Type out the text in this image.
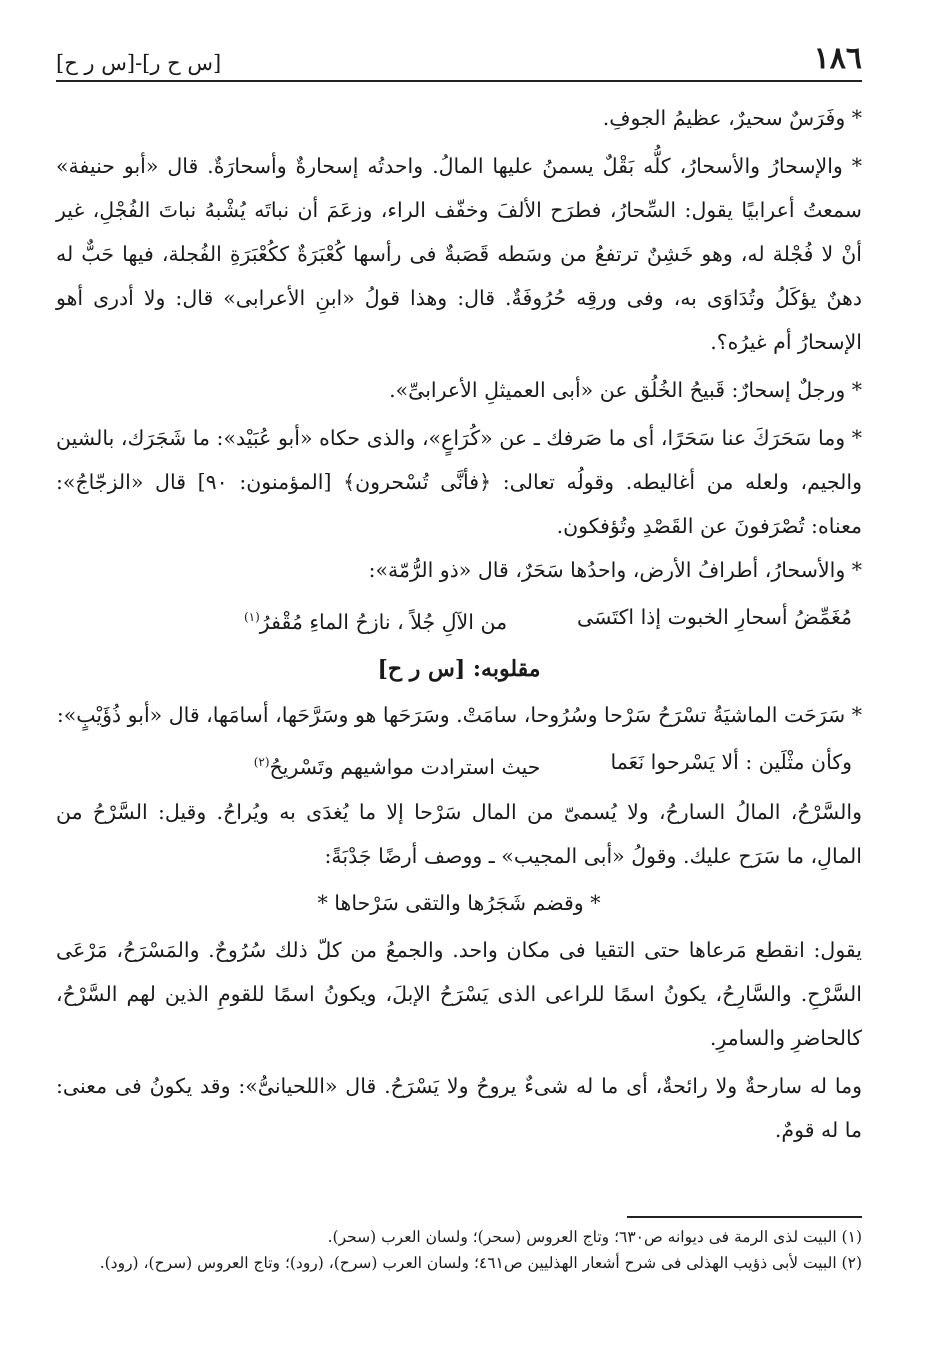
١٨٦
[س ح ر]-[س ر ح]

* وفَرَسٌ سحيرٌ، عظيمُ الجوفِ.

* والإسحارُ والأسحارُ، كلُّه بَقْلٌ يسمنُ عليها المالُ. واحدتُه إسحارةٌ وأسحارَةٌ. قال «أبو حنيفة» سمعتُ أعرابيًا يقول: السِّحارُ، فطرَح الألفَ وخفّف الراء، وزعَمَ أن نباتَه يُشْبهُ نباتَ الفُجْلِ، غير أنْ لا فُجْلة له، وهو خَشِنٌ ترتفعُ من وسَطه قَصَبةٌ فى رأسها كُعْبَرَةٌ ككُعْبَرَةِ الفُجلة، فيها حَبٌّ له دهنٌ يؤكَلُ وتُدَاوَى به، وفى ورقِه حُرُوفَةٌ. قال: وهذا قولُ «ابنِ الأعرابى» قال: ولا أدرى أهو الإسحارُ أم غيرُه؟.

* ورجلٌ إسحارٌ: قَبيحُ الخُلُق عن «أبى العميثلِ الأعرابىِّ».

* وما سَحَرَكَ عنا سَحَرًا، أى ما صَرفك ـ عن «كُرَاعٍ»، والذى حكاه «أبو عُبَيْد»: ما شَجَرَك، بالشين والجيم، ولعله من أغاليطه. وقولُه تعالى: ﴿فأنَّى تُسْحرون﴾ [المؤمنون: ٩٠] قال «الزجّاجُ»: معناه: تُصْرَفونَ عن القَصْدِ وتُؤفكون.

* والأسحارُ، أطرافُ الأرض، واحدُها سَحَرٌ، قال «ذو الرُّمّة»:

مُغَمِّضُ أسحارِ الخبوت إذا اكتَسَى
من الآلِ جُلاً ، نازحُ الماءِ مُقْفرُ$^{(١)}$
مقلوبه: [س ر ح]

* سَرَحَت الماشيَةُ تسْرَحُ سَرْحا وسُرُوحا، سامَتْ. وسَرَحَها هو وسَرَّحَها، أسامَها، قال «أبو ذُؤَيْبٍ»:

وكأن مثْلَين : ألا يَسْرحوا نَعَما
حيث استرادت مواشيهم وتَسْريحُ$^{(٢)}$

والسَّرْحُ، المالُ السارحُ، ولا يُسمىّ من المال سَرْحا إلا ما يُغدَى به ويُراحُ. وقيل: السَّرْحُ من المالِ، ما سَرَح عليك. وقولُ «أبى المجيب» ـ ووصف أرضًا جَدْبَةً:

* وقضم شَجَرُها والتقى سَرْحاها *

يقول: انقطع مَرعاها حتى التقيا فى مكان واحد. والجمعُ من كلّ ذلك سُرُوحٌ. والمَسْرَحُ، مَرْعَى السَّرْحِ. والسَّارِحُ، يكونُ اسمًا للراعى الذى يَسْرَحُ الإبلَ، ويكونُ اسمًا للقومِ الذين لهم السَّرْحُ، كالحاضرِ والسامرِ.

وما له سارحةٌ ولا رائحةٌ، أى ما له شىءٌ يروحُ ولا يَسْرَحُ. قال «اللحيانىُّ»: وقد يكونُ فى معنى: ما له قومٌ.

(١) البيت لذى الرمة فى ديوانه ص٦٣٠؛ وتاج العروس (سحر)؛ ولسان العرب (سحر).

(٢) البيت لأبى ذؤيب الهذلى فى شرح أشعار الهذليين ص٤٦١؛ ولسان العرب (سرح)، (رود)؛ وتاج العروس (سرح)، (رود).
